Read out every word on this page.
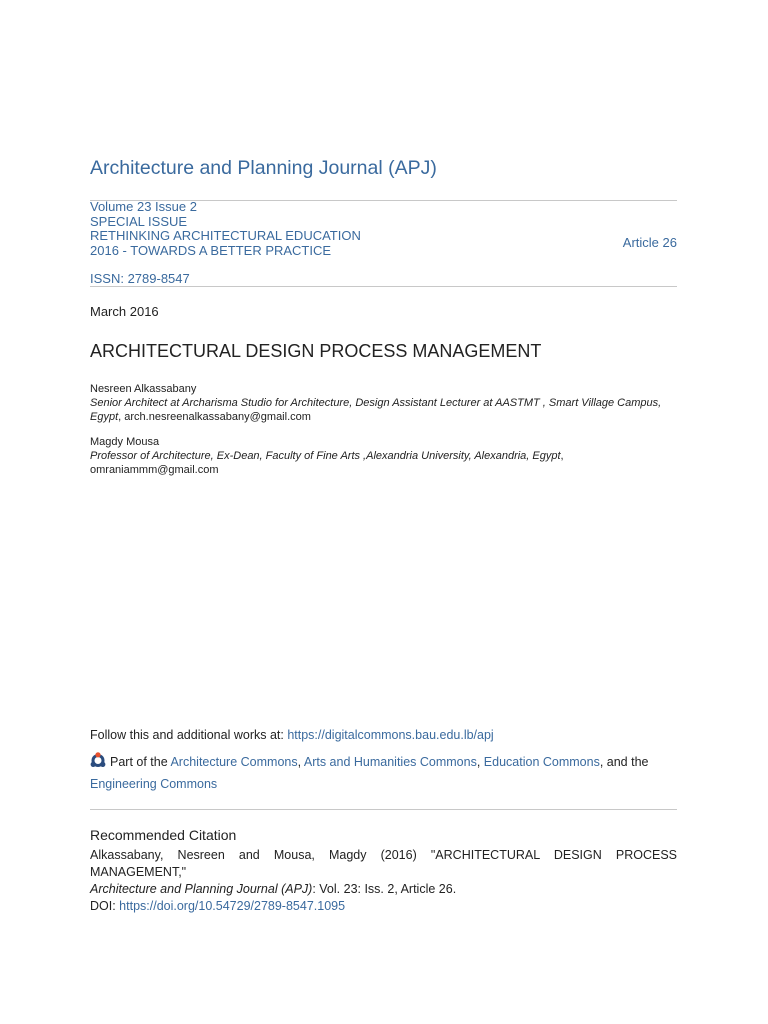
Architecture and Planning Journal (APJ)
Volume 23 Issue 2
SPECIAL ISSUE
RETHINKING ARCHITECTURAL EDUCATION
2016 - TOWARDS A BETTER PRACTICE	Article 26
ISSN: 2789-8547
March 2016
ARCHITECTURAL DESIGN PROCESS MANAGEMENT
Nesreen Alkassabany
Senior Architect at Archarisma Studio for Architecture, Design Assistant Lecturer at AASTMT , Smart Village Campus, Egypt, arch.nesreenalkassabany@gmail.com
Magdy Mousa
Professor of Architecture, Ex-Dean, Faculty of Fine Arts ,Alexandria University, Alexandria, Egypt, omraniammm@gmail.com
Follow this and additional works at: https://digitalcommons.bau.edu.lb/apj
Part of the Architecture Commons, Arts and Humanities Commons, Education Commons, and the
Engineering Commons
Recommended Citation
Alkassabany, Nesreen and Mousa, Magdy (2016) "ARCHITECTURAL DESIGN PROCESS MANAGEMENT,"
Architecture and Planning Journal (APJ): Vol. 23: Iss. 2, Article 26.
DOI: https://doi.org/10.54729/2789-8547.1095
